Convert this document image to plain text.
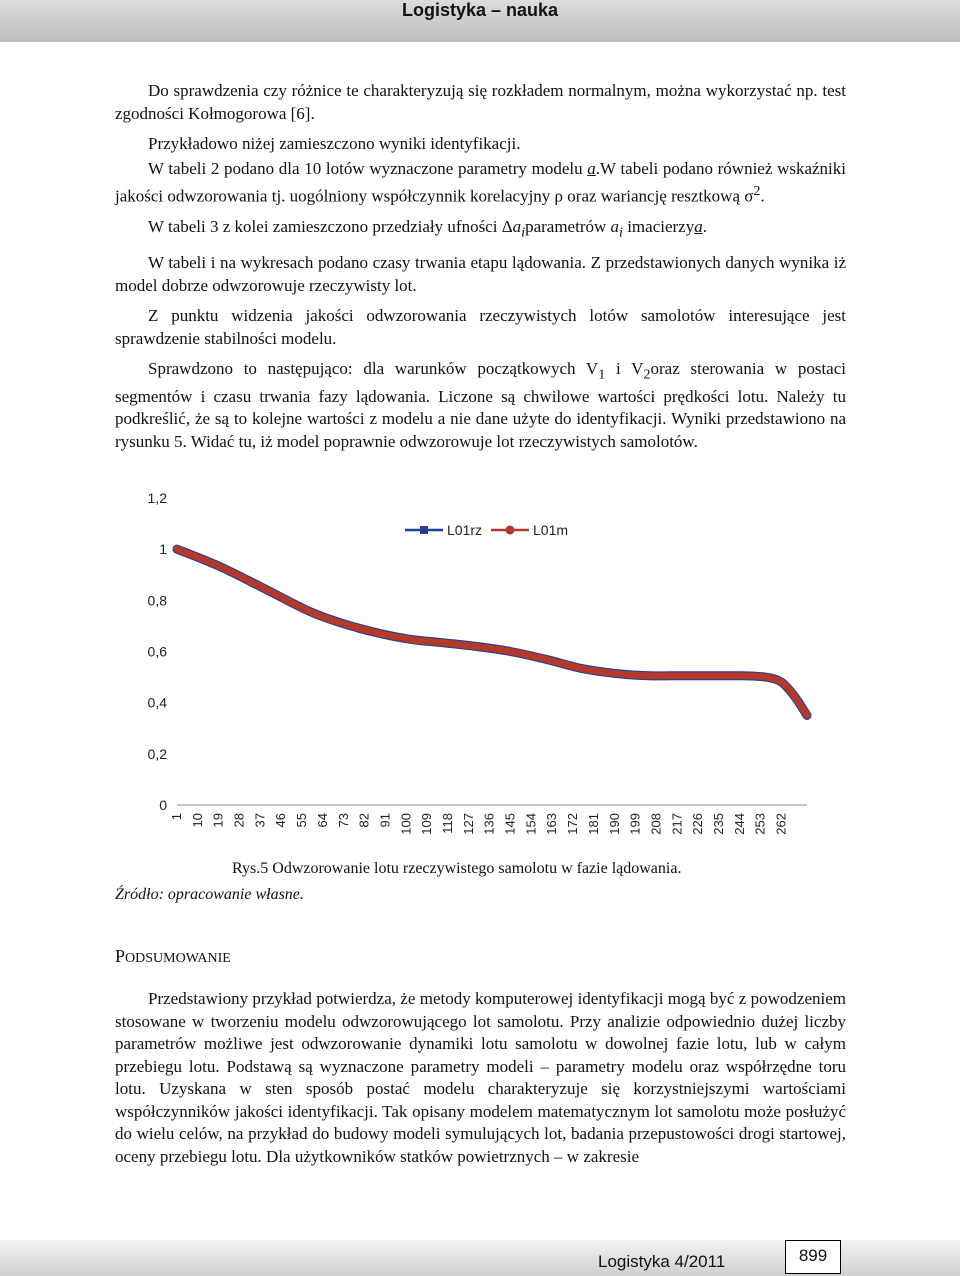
Logistyka – nauka

Do sprawdzenia czy różnice te charakteryzują się rozkładem normalnym, można wykorzystać np. test zgodności Kołmogorowa [6].

Przykładowo niżej zamieszczono wyniki identyfikacji.

W tabeli 2 podano dla 10 lotów wyznaczone parametry modelu a.W tabeli podano również wskaźniki jakości odwzorowania tj. uogólniony współczynnik korelacyjny ρ oraz wariancję resztkową $\sigma^2$.

W tabeli 3 z kolei zamieszczono przedziały ufności $\Delta a_iparametrów$ $a_i$ imacierzya.

W tabeli i na wykresach podano czasy trwania etapu lądowania. Z przedstawionych danych wynika iż model dobrze odwzorowuje rzeczywisty lot.

Z punktu widzenia jakości odwzorowania rzeczywistych lotów samolotów interesujące jest sprawdzenie stabilności modelu.

Sprawdzono to następująco: dla warunków początkowych $V_1$ i $V_2oraz$ sterowania w postaci segmentów i czasu trwania fazy lądowania. Liczone są chwilowe wartości prędkości lotu. Należy tu podkreślić, że są to kolejne wartości z modelu a nie dane użyte do identyfikacji. Wyniki przedstawiono na rysunku 5. Widać tu, iż model poprawnie odwzorowuje lot rzeczywistych samolotów.

0
0,2
0,4
0,6
0,8
1
1,2
1 10 19 28 37 46 55 64 73 82 91 100 109 118 127 136 145 154 163 172 181 190 199 208 217 226 235 244 253 262
L01rz	L01m
Rys.5 Odwzorowanie lotu rzeczywistego samolotu w fazie lądowania.
Źródło: opracowanie własne.
PODSUMOWANIE

Przedstawiony przykład potwierdza, że metody komputerowej identyfikacji mogą być z powodzeniem stosowane w tworzeniu modelu odwzorowującego lot samolotu. Przy analizie odpowiednio dużej liczby parametrów możliwe jest odwzorowanie dynamiki lotu samolotu w dowolnej fazie lotu, lub w całym przebiegu lotu. Podstawą są wyznaczone parametry modeli – parametry modelu oraz współrzędne toru lotu. Uzyskana w sten sposób postać modelu charakteryzuje się korzystniejszymi wartościami współczynników jakości identyfikacji. Tak opisany modelem matematycznym lot samolotu może posłużyć do wielu celów, na przykład do budowy modeli symulujących lot, badania przepustowości drogi startowej, oceny przebiegu lotu. Dla użytkowników statków powietrznych – w zakresie

Logistyka 4/2011	899
